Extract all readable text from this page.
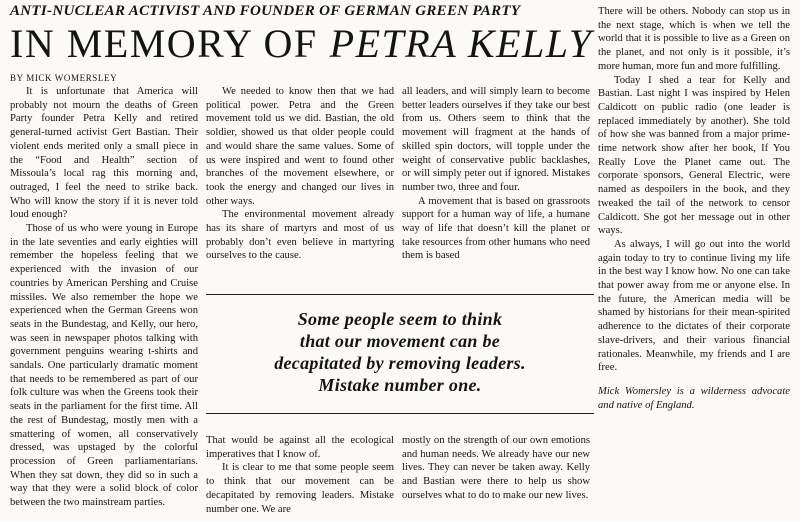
ANTI-NUCLEAR ACTIVIST AND FOUNDER OF GERMAN GREEN PARTY
IN MEMORY OF PETRA KELLY
BY MICK WOMERSLEY

It is unfortunate that America will probably not mourn the deaths of Green Party founder Petra Kelly and retired general-turned activist Gert Bastian. Their violent ends merited only a small piece in the “Food and Health” section of Missoula’s local rag this morning and, outraged, I feel the need to strike back. Who will know the story if it is never told loud enough?

Those of us who were young in Europe in the late seventies and early eighties will remember the hopeless feeling that we experienced with the invasion of our countries by American Pershing and Cruise missiles. We also remember the hope we experienced when the German Greens won seats in the Bundestag, and Kelly, our hero, was seen in newspaper photos talking with government penguins wearing t-shirts and sandals. One particularly dramatic moment that needs to be remembered as part of our folk culture was when the Greens took their seats in the parliament for the first time. All the rest of Bundestag, mostly men with a smattering of women, all conservatively dressed, was upstaged by the colorful procession of Green parliamentarians. When they sat down, they did so in such a way that they were a solid block of color between the two mainstream parties.

We needed to know then that we had political power. Petra and the Green movement told us we did. Bastian, the old soldier, showed us that older people could and would share the same values. Some of us were inspired and went to found other branches of the movement elsewhere, or took the energy and changed our lives in other ways.

The environmental movement already has its share of martyrs and most of us probably don’t even believe in martyring ourselves to the cause.

all leaders, and will simply learn to become better leaders ourselves if they take our best from us. Others seem to think that the movement will fragment at the hands of skilled spin doctors, will topple under the weight of conservative public backlashes, or will simply peter out if ignored. Mistakes number two, three and four.

A movement that is based on grassroots support for a human way of life, a humane way of life that doesn’t kill the planet or take resources from other humans who need them is based

Some people seem to think
that our movement can be
decapitated by removing leaders.
Mistake number one.

That would be against all the ecological imperatives that I know of.

It is clear to me that some people seem to think that our movement can be decapitated by removing leaders. Mistake number one. We are

mostly on the strength of our own emotions and human needs. We already have our new lives. They can never be taken away. Kelly and Bastian were there to help us show ourselves what to do to make our new lives.

There will be others. Nobody can stop us in the next stage, which is when we tell the world that it is possible to live as a Green on the planet, and not only is it possible, it’s more human, more fun and more fulfilling.

Today I shed a tear for Kelly and Bastian. Last night I was inspired by Helen Caldicott on public radio (one leader is replaced immediately by another). She told of how she was banned from a major prime-time network show after her book, If You Really Love the Planet came out. The corporate sponsors, General Electric, were named as despoilers in the book, and they tweaked the tail of the network to censor Caldicott. She got her message out in other ways.

As always, I will go out into the world again today to try to continue living my life in the best way I know how. No one can take that power away from me or anyone else. In the future, the American media will be shamed by historians for their mean-spirited adherence to the dictates of their corporate slave-drivers, and their various financial rationales. Meanwhile, my friends and I are free.

Mick Womersley is a wilderness advocate and native of England.
